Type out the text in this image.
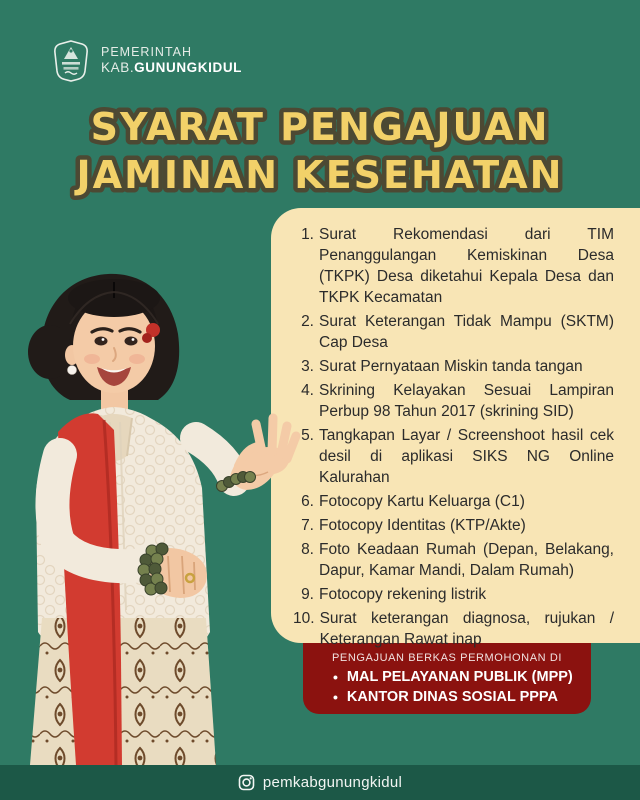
PEMERINTAH
KAB.GUNUNGKIDUL
SYARAT PENGAJUAN
JAMINAN KESEHATAN
PENGAJUAN BERKAS PERMOHONAN DI
• MAL PELAYANAN PUBLIK (MPP)
• KANTOR DINAS SOSIAL PPPA
1. Surat Rekomendasi dari TIM Penanggulangan Kemiskinan Desa (TKPK) Desa diketahui Kepala Desa dan TKPK Kecamatan
2. Surat Keterangan Tidak Mampu (SKTM) Cap Desa
3. Surat Pernyataan Miskin tanda tangan
4. Skrining Kelayakan Sesuai Lampiran Perbup 98 Tahun 2017 (skrining SID)
5. Tangkapan Layar / Screenshoot hasil cek desil di aplikasi SIKS NG Online Kalurahan
6. Fotocopy Kartu Keluarga (C1)
7. Fotocopy Identitas (KTP/Akte)
8. Foto Keadaan Rumah (Depan, Belakang, Dapur, Kamar Mandi, Dalam Rumah)
9. Fotocopy rekening listrik
10. Surat keterangan diagnosa, rujukan / Keterangan Rawat inap
pemkabgunungkidul
